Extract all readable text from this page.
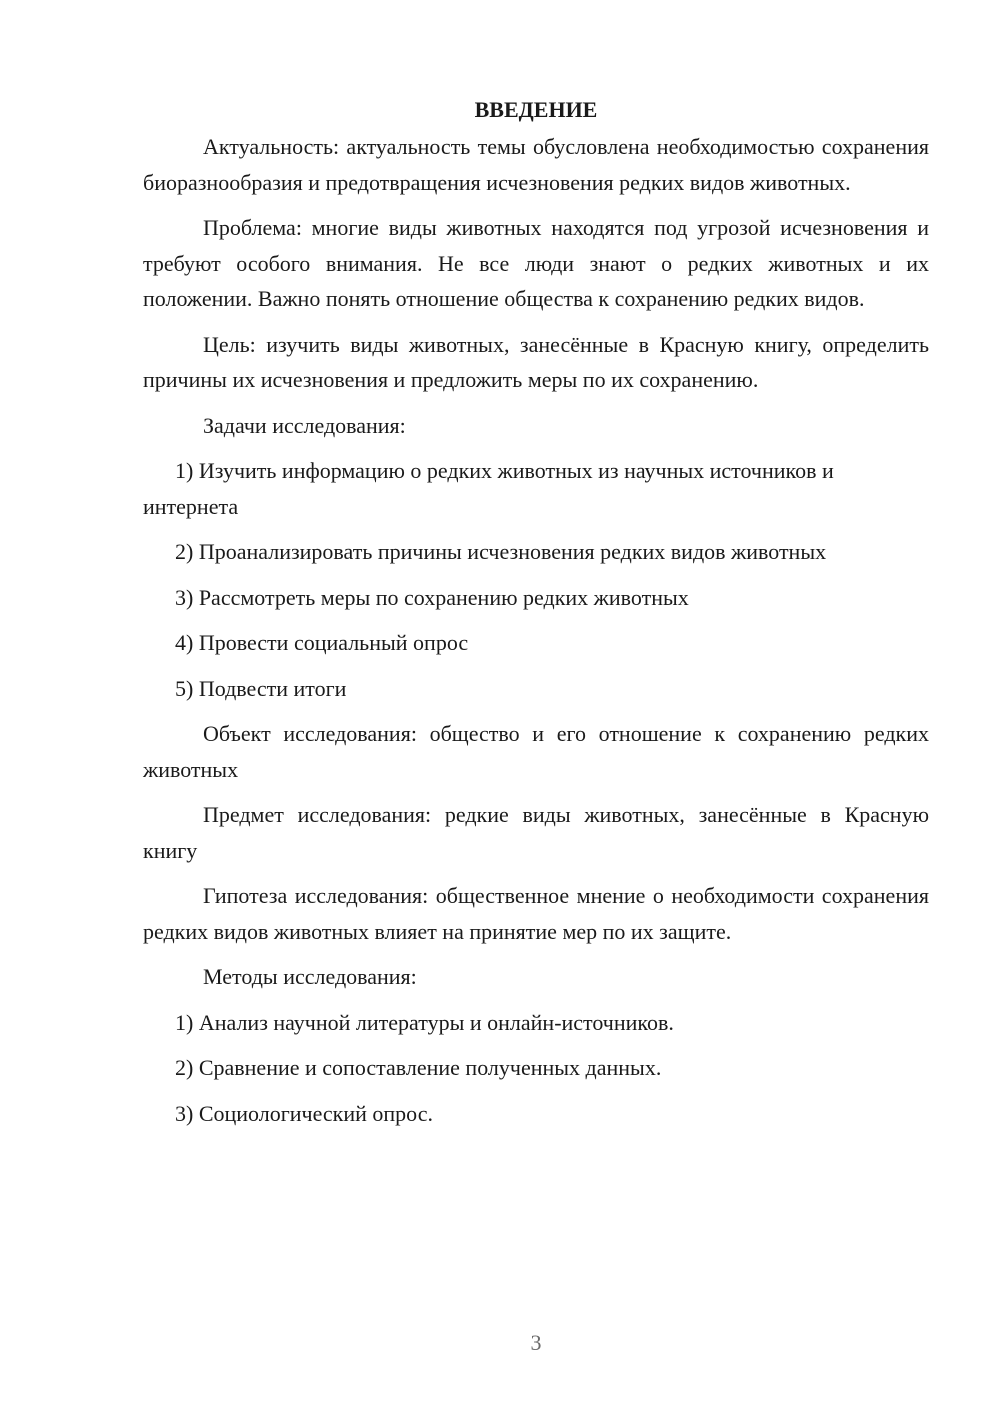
ВВЕДЕНИЕ

Актуальность: актуальность темы обусловлена необходимостью сохранения биоразнообразия и предотвращения исчезновения редких видов животных.

Проблема: многие виды животных находятся под угрозой исчезновения и требуют особого внимания. Не все люди знают о редких животных и их положении. Важно понять отношение общества к сохранению редких видов.

Цель: изучить виды животных, занесённые в Красную книгу, определить причины их исчезновения и предложить меры по их сохранению.

Задачи исследования:

1) Изучить информацию о редких животных из научных источников и интернета

2) Проанализировать причины исчезновения редких видов животных

3) Рассмотреть меры по сохранению редких животных

4) Провести социальный опрос

5) Подвести итоги

Объект исследования: общество и его отношение к сохранению редких животных

Предмет исследования: редкие виды животных, занесённые в Красную книгу

Гипотеза исследования: общественное мнение о необходимости сохранения редких видов животных влияет на принятие мер по их защите.

Методы исследования:

1) Анализ научной литературы и онлайн-источников.

2) Сравнение и сопоставление полученных данных.

3) Социологический опрос.

3
